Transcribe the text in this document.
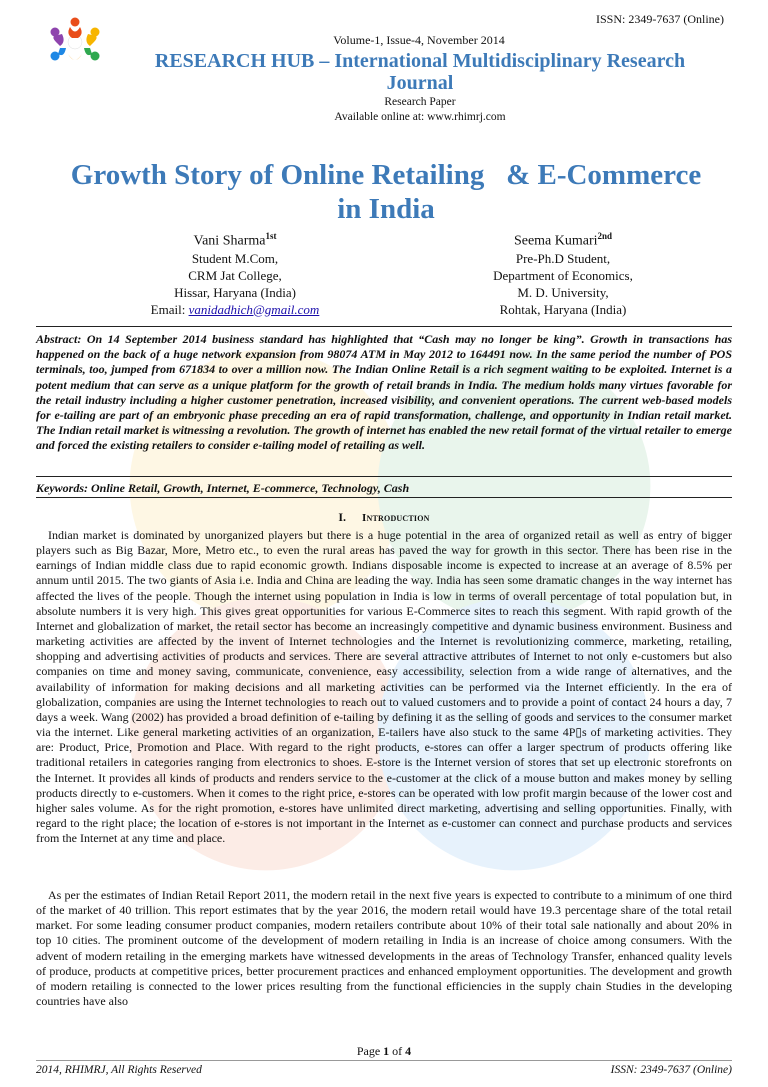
ISSN: 2349-7637 (Online)
Volume-1, Issue-4, November 2014
RESEARCH HUB – International Multidisciplinary Research
Journal
Research Paper
Available online at: www.rhimrj.com
Growth Story of Online Retailing   & E-Commerce
in India
Vani Sharma$^{1st}$
Student M.Com,
CRM Jat College,
Hissar, Haryana (India)
Email: vanidadhich@gmail.com
Seema Kumari$^{2nd}$
Pre-Ph.D Student,
Department of Economics,
M. D. University,
Rohtak, Haryana (India)
Abstract: On 14 September 2014 business standard has highlighted that “Cash may no longer be king”. Growth in transactions has happened on the back of a huge network expansion from 98074 ATM in May 2012 to 164491 now. In the same period the number of POS terminals, too, jumped from 671834 to over a million now. The Indian Online Retail is a rich segment waiting to be exploited. Internet is a potent medium that can serve as a unique platform for the growth of retail brands in India. The medium holds many virtues favorable for the retail industry including a higher customer penetration, increased visibility, and convenient operations. The current web-based models for e-tailing are part of an embryonic phase preceding an era of rapid transformation, challenge, and opportunity in Indian retail market. The Indian retail market is witnessing a revolution. The growth of internet has enabled the new retail format of the virtual retailer to emerge and forced the existing retailers to consider e-tailing model of retailing as well.
Keywords: Online Retail, Growth, Internet, E-commerce, Technology, Cash
I. Introduction
Indian market is dominated by unorganized players but there is a huge potential in the area of organized retail as well as entry of bigger players such as Big Bazar, More, Metro etc., to even the rural areas has paved the way for growth in this sector. There has been rise in the earnings of Indian middle class due to rapid economic growth. Indians disposable income is expected to increase at an average of 8.5% per annum until 2015. The two giants of Asia i.e. India and China are leading the way. India has seen some dramatic changes in the way internet has affected the lives of the people. Though the internet using population in India is low in terms of overall percentage of total population but, in absolute numbers it is very high. This gives great opportunities for various E-Commerce sites to reach this segment. With rapid growth of the Internet and globalization of market, the retail sector has become an increasingly competitive and dynamic business environment. Business and marketing activities are affected by the invent of Internet technologies and the Internet is revolutionizing commerce, marketing, retailing, shopping and advertising activities of products and services. There are several attractive attributes of Internet to not only e-customers but also companies on time and money saving, communicate, convenience, easy accessibility, selection from a wide range of alternatives, and the availability of information for making decisions and all marketing activities can be performed via the Internet efficiently. In the era of globalization, companies are using the Internet technologies to reach out to valued customers and to provide a point of contact 24 hours a day, 7 days a week. Wang (2002) has provided a broad definition of e-tailing by defining it as the selling of goods and services to the consumer market via the internet. Like general marketing activities of an organization, E-tailers have also stuck to the same 4P▯s of marketing activities. They are: Product, Price, Promotion and Place. With regard to the right products, e-stores can offer a larger spectrum of products offering like traditional retailers in categories ranging from electronics to shoes. E-store is the Internet version of stores that set up electronic storefronts on the Internet. It provides all kinds of products and renders service to the e-customer at the click of a mouse button and makes money by selling products directly to e-customers. When it comes to the right price, e-stores can be operated with low profit margin because of the lower cost and higher sales volume. As for the right promotion, e-stores have unlimited direct marketing, advertising and selling opportunities. Finally, with regard to the right place; the location of e-stores is not important in the Internet as e-customer can connect and purchase products and services from the Internet at any time and place.
As per the estimates of Indian Retail Report 2011, the modern retail in the next five years is expected to contribute to a minimum of one third of the market of 40 trillion. This report estimates that by the year 2016, the modern retail would have 19.3 percentage share of the total retail market. For some leading consumer product companies, modern retailers contribute about 10% of their total sale nationally and about 20% in top 10 cities. The prominent outcome of the development of modern retailing in India is an increase of choice among consumers. With the advent of modern retailing in the emerging markets have witnessed developments in the areas of Technology Transfer, enhanced quality levels of produce, products at competitive prices, better procurement practices and enhanced employment opportunities. The development and growth of modern retailing is connected to the lower prices resulting from the functional efficiencies in the supply chain Studies in the developing countries have also
Page 1 of 4
2014, RHIMRJ, All Rights Reserved	ISSN: 2349-7637 (Online)
